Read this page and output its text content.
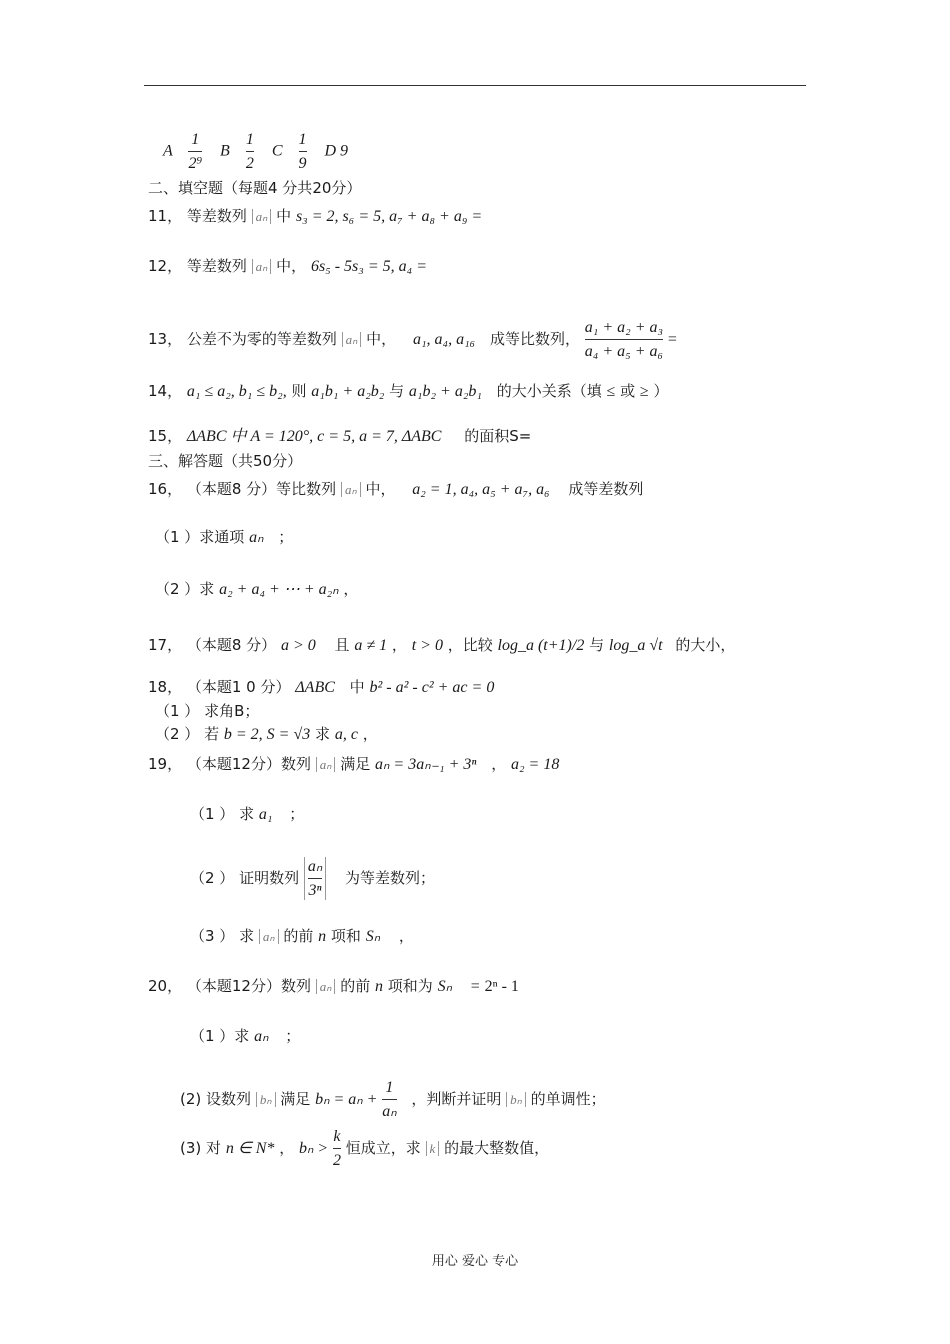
A $\frac{1}{\text{2⁹}}$ B $\frac{1}{2}$ C $\frac{1}{9}$ D 9
二、填空题（每题4 分共20分）
11， 等差数列 aₙ 中 s₃ = 2, s₆ = 5, a₇ + a₈ + a₉ =
12， 等差数列 aₙ 中， 6s₅ - 5s₃ = 5, a₄ =
13， 公差不为零的等差数列 aₙ 中， a₁, a₄, a₁₆ 成等比数列， $\frac{\text{a₁ + a₂ + a₃}}{\text{a₄ + a₅ + a₆}}$ =
14， a₁ ≤ a₂, b₁ ≤ b₂, 则 a₁b₁ + a₂b₂ 与 a₁b₂ + a₂b₁ 的大小关系（填 ≤ 或 ≥ ）
15， ΔABC 中 A = 120°, c = 5, a = 7, ΔABC 的面积S=
三、解答题（共50分）
16， （本题8 分）等比数列 aₙ 中， a₂ = 1, a₄, a₅ + a₇, a₆ 成等差数列
（1 ）求通项 aₙ ；
（2 ）求 a₂ + a₄ + ⋯ + a₂ₙ ，
17， （本题8 分） a > 0 且 a ≠ 1 ， t > 0 ，比较 log_a (t+1)/2 与 log_a √t 的大小，
18， （本题1 0 分） ΔABC 中 b² - a² - c² + ac = 0
（1 ） 求角B；
（2 ） 若 b = 2, S = √3 求 a, c ，
19， （本题12分）数列 aₙ 满足 aₙ = 3aₙ₋₁ + 3ⁿ ， a₂ = 18
（1 ） 求 a₁ ；
（2 ） 证明数列 $\frac{\text{aₙ}}{\text{3ⁿ}}$ 为等差数列；
（3 ） 求 aₙ 的前 n 项和 Sₙ ，
20， （本题12分）数列 aₙ 的前 n 项和为 Sₙ = 2ⁿ - 1
（1 ）求 aₙ ；
(2) 设数列 bₙ 满足 $b_n = a_n + \frac{1}{\text{aₙ}}$ ，判断并证明 bₙ 的单调性；
(3) 对 n ∈ N* ， $b_n > \frac{k}{2}$ 恒成立，求 k 的最大整数值，
用心 爱心 专心
